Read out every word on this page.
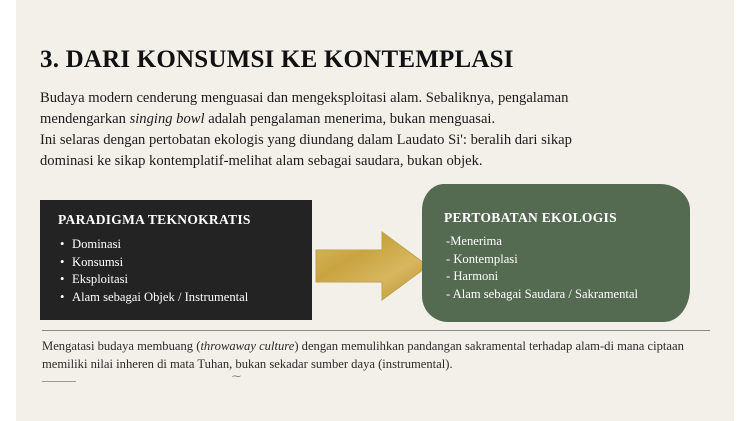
3. DARI KONSUMSI KE KONTEMPLASI

Budaya modern cenderung menguasai dan mengeksploitasi alam. Sebaliknya, pengalaman

mendengarkan singing bowl adalah pengalaman menerima, bukan menguasai.

Ini selaras dengan pertobatan ekologis yang diundang dalam Laudato Si': beralih dari sikap

dominasi ke sikap kontemplatif-melihat alam sebagai saudara, bukan objek.

PARADIGMA TEKNOKRATIS
• Dominasi
• Konsumsi
• Eksploitasi
• Alam sebagai Objek / Instrumental
PERTOBATAN EKOLOGIS
-Menerima
- Kontemplasi
- Harmoni
- Alam sebagai Saudara / Sakramental
Mengatasi budaya membuang (throwaway culture) dengan memulihkan pandangan sakramental terhadap alam-di mana ciptaan memiliki nilai inheren di mata Tuhan, bukan sekadar sumber daya (instrumental).
⁓
